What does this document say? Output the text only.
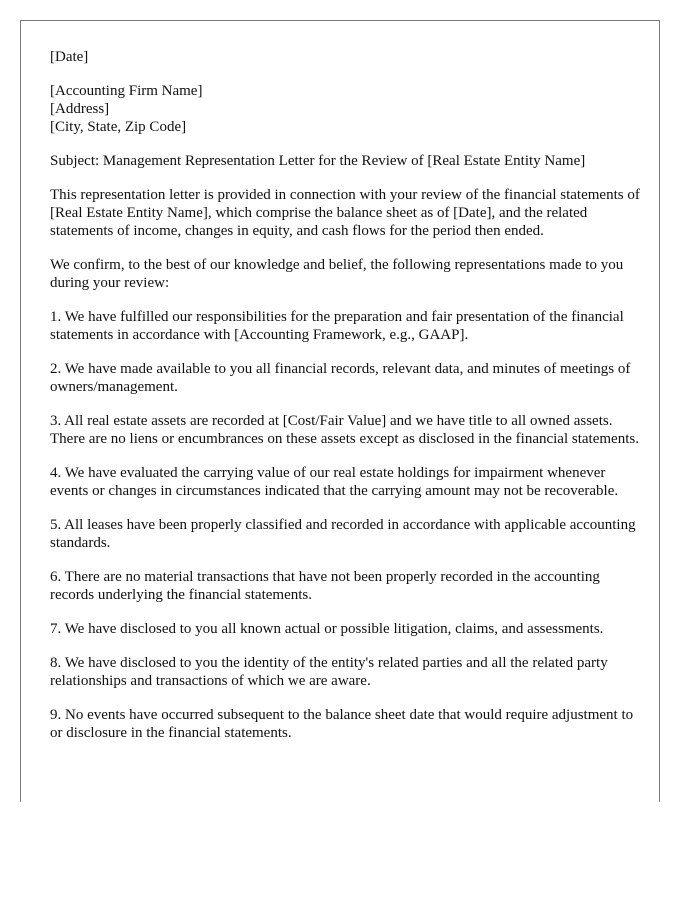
[Date]

[Accounting Firm Name]

[Address]

[City, State, Zip Code]

Subject: Management Representation Letter for the Review of [Real Estate Entity Name]

This representation letter is provided in connection with your review of the financial statements of [Real Estate Entity Name], which comprise the balance sheet as of [Date], and the related statements of income, changes in equity, and cash flows for the period then ended.

We confirm, to the best of our knowledge and belief, the following representations made to you during your review:

1. We have fulfilled our responsibilities for the preparation and fair presentation of the financial statements in accordance with [Accounting Framework, e.g., GAAP].

2. We have made available to you all financial records, relevant data, and minutes of meetings of owners/management.

3. All real estate assets are recorded at [Cost/Fair Value] and we have title to all owned assets. There are no liens or encumbrances on these assets except as disclosed in the financial statements.

4. We have evaluated the carrying value of our real estate holdings for impairment whenever events or changes in circumstances indicated that the carrying amount may not be recoverable.

5. All leases have been properly classified and recorded in accordance with applicable accounting standards.

6. There are no material transactions that have not been properly recorded in the accounting records underlying the financial statements.

7. We have disclosed to you all known actual or possible litigation, claims, and assessments.

8. We have disclosed to you the identity of the entity's related parties and all the related party relationships and transactions of which we are aware.

9. No events have occurred subsequent to the balance sheet date that would require adjustment to or disclosure in the financial statements.
